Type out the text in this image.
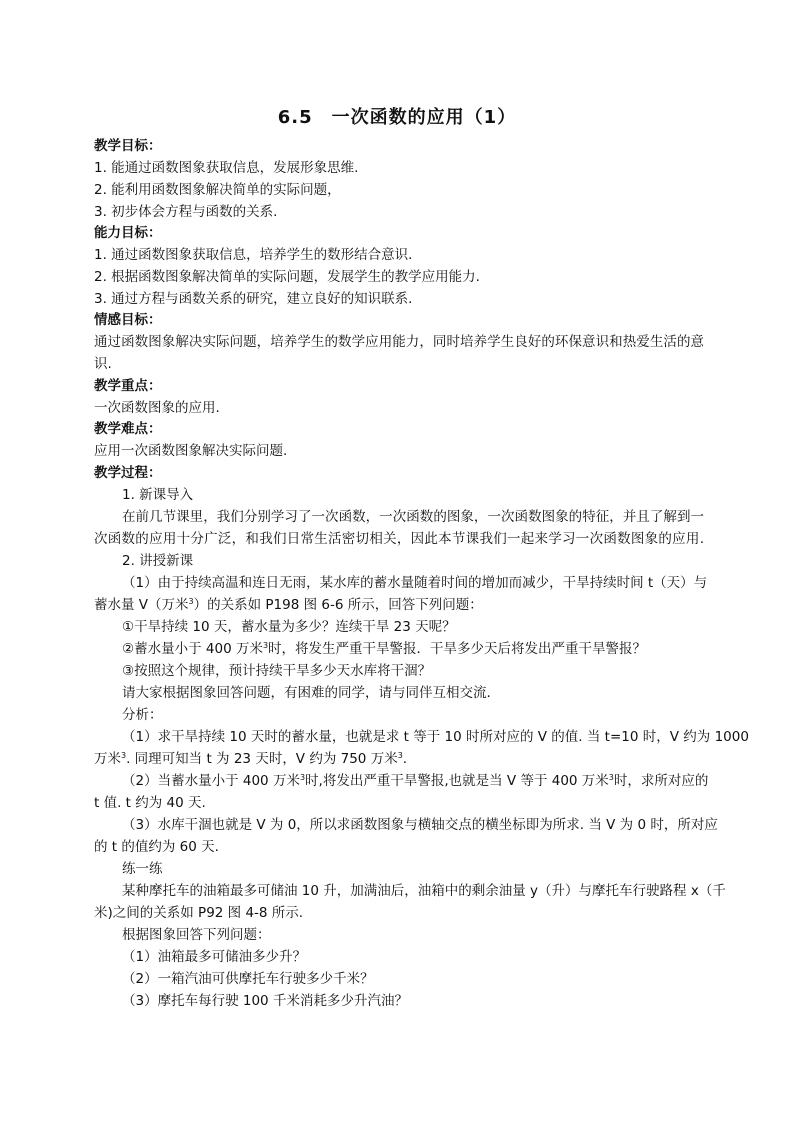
6.5　一次函数的应用（1）
教学目标：
1. 能通过函数图象获取信息，发展形象思维.
2. 能利用函数图象解决简单的实际问题，
3. 初步体会方程与函数的关系.
能力目标：
1. 通过函数图象获取信息，培养学生的数形结合意识.
2. 根据函数图象解决简单的实际问题，发展学生的教学应用能力.
3. 通过方程与函数关系的研究，建立良好的知识联系.
情感目标：
通过函数图象解决实际问题，培养学生的数学应用能力，同时培养学生良好的环保意识和热爱生活的意
识.
教学重点：
一次函数图象的应用.
教学难点：
应用一次函数图象解决实际问题.
教学过程：
1. 新课导入
在前几节课里，我们分别学习了一次函数，一次函数的图象，一次函数图象的特征，并且了解到一
次函数的应用十分广泛，和我们日常生活密切相关，因此本节课我们一起来学习一次函数图象的应用.
2. 讲授新课
（1）由于持续高温和连日无雨，某水库的蓄水量随着时间的增加而减少，干旱持续时间 t（天）与
蓄水量 V（万米$^3$）的关系如 P198 图 6-6 所示，回答下列问题：
①干旱持续 10 天，蓄水量为多少？连续干旱 23 天呢？
②蓄水量小于 400 万米$^3$时，将发生严重干旱警报．干旱多少天后将发出严重干旱警报？
③按照这个规律，预计持续干旱多少天水库将干涸？
请大家根据图象回答问题，有困难的同学，请与同伴互相交流.
分析：
（1）求干旱持续 10 天时的蓄水量，也就是求 t 等于 10 时所对应的 V 的值. 当 t=10 时，V 约为 1000
万米$^3$. 同理可知当 t 为 23 天时，V 约为 750 万米$^3$.
（2）当蓄水量小于 400 万米$^3$时,将发出严重干旱警报,也就是当 V 等于 400 万米$^3$时，求所对应的
t 值. t 约为 40 天.
（3）水库干涸也就是 V 为 0，所以求函数图象与横轴交点的横坐标即为所求. 当 V 为 0 时，所对应
的 t 的值约为 60 天.
练一练
某种摩托车的油箱最多可储油 10 升，加满油后，油箱中的剩余油量 y（升）与摩托车行驶路程 x（千
米)之间的关系如 P92 图 4-8 所示.
根据图象回答下列问题：
（1）油箱最多可储油多少升？
（2）一箱汽油可供摩托车行驶多少千米？
（3）摩托车每行驶 100 千米消耗多少升汽油？
